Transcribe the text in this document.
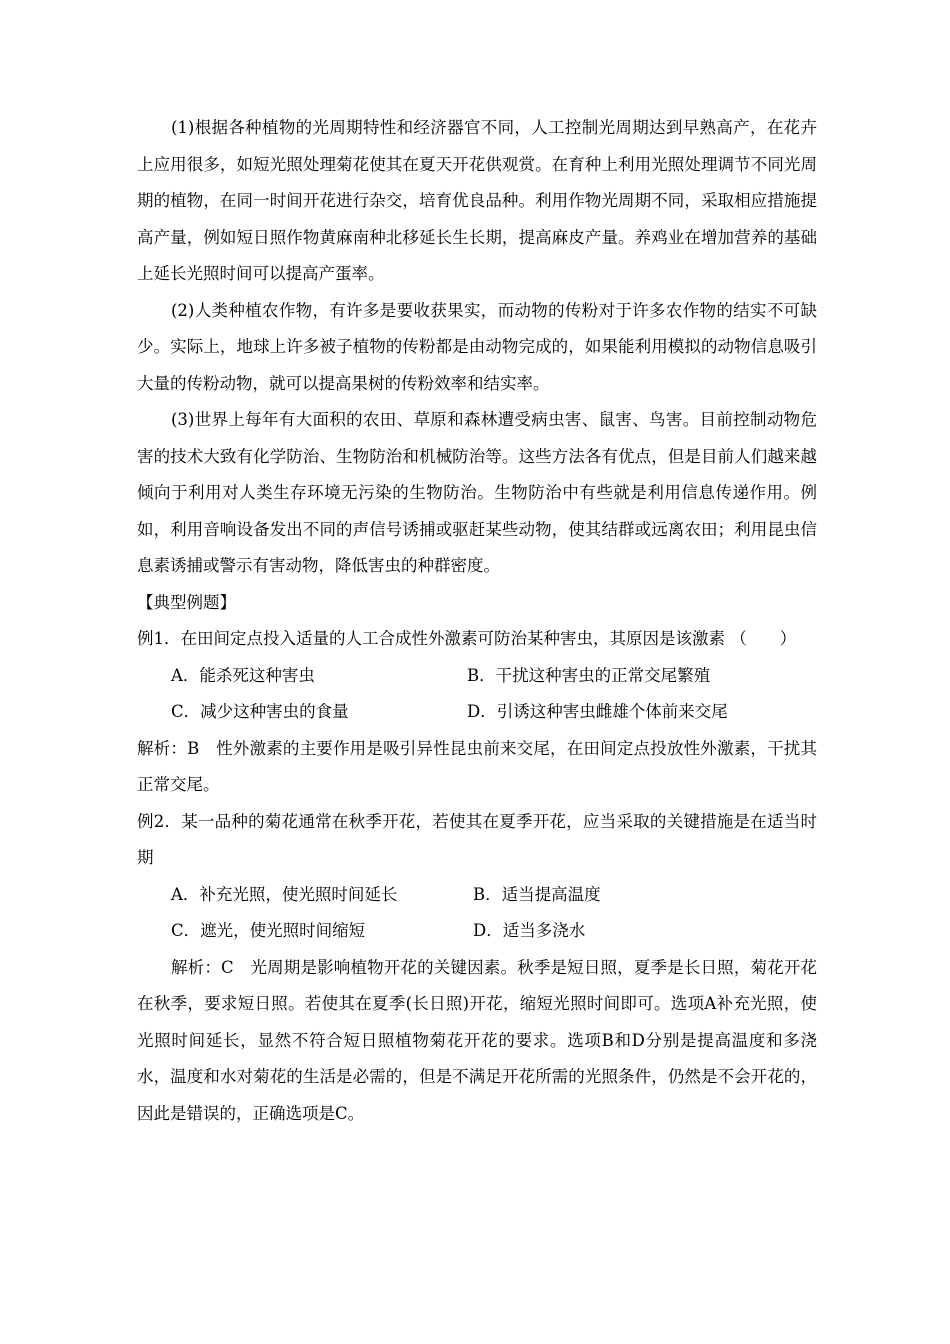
(1)根据各种植物的光周期特性和经济器官不同，人工控制光周期达到早熟高产，在花卉上应用很多，如短光照处理菊花使其在夏天开花供观赏。在育种上利用光照处理调节不同光周期的植物，在同一时间开花进行杂交，培育优良品种。利用作物光周期不同，采取相应措施提高产量，例如短日照作物黄麻南种北移延长生长期，提高麻皮产量。养鸡业在增加营养的基础上延长光照时间可以提高产蛋率。

(2)人类种植农作物，有许多是要收获果实，而动物的传粉对于许多农作物的结实不可缺少。实际上，地球上许多被子植物的传粉都是由动物完成的，如果能利用模拟的动物信息吸引大量的传粉动物，就可以提高果树的传粉效率和结实率。

(3)世界上每年有大面积的农田、草原和森林遭受病虫害、鼠害、鸟害。目前控制动物危害的技术大致有化学防治、生物防治和机械防治等。这些方法各有优点，但是目前人们越来越倾向于利用对人类生存环境无污染的生物防治。生物防治中有些就是利用信息传递作用。例如，利用音响设备发出不同的声信号诱捕或驱赶某些动物，使其结群或远离农田；利用昆虫信息素诱捕或警示有害动物，降低害虫的种群密度。

【典型例题】

例1．在田间定点投入适量的人工合成性外激素可防治某种害虫，其原因是该激素 （　　）

A．能杀死这种害虫	B．干扰这种害虫的正常交尾繁殖
C．减少这种害虫的食量	D．引诱这种害虫雌雄个体前来交尾

解析：B　性外激素的主要作用是吸引异性昆虫前来交尾，在田间定点投放性外激素，干扰其正常交尾。

例2．某一品种的菊花通常在秋季开花，若使其在夏季开花，应当采取的关键措施是在适当时期

A．补充光照，使光照时间延长	B．适当提高温度
C．遮光，使光照时间缩短	D．适当多浇水

解析：C　光周期是影响植物开花的关键因素。秋季是短日照，夏季是长日照，菊花开花在秋季，要求短日照。若使其在夏季(长日照)开花，缩短光照时间即可。选项A补充光照，使光照时间延长，显然不符合短日照植物菊花开花的要求。选项B和D分别是提高温度和多浇水，温度和水对菊花的生活是必需的，但是不满足开花所需的光照条件，仍然是不会开花的，因此是错误的，正确选项是C。
